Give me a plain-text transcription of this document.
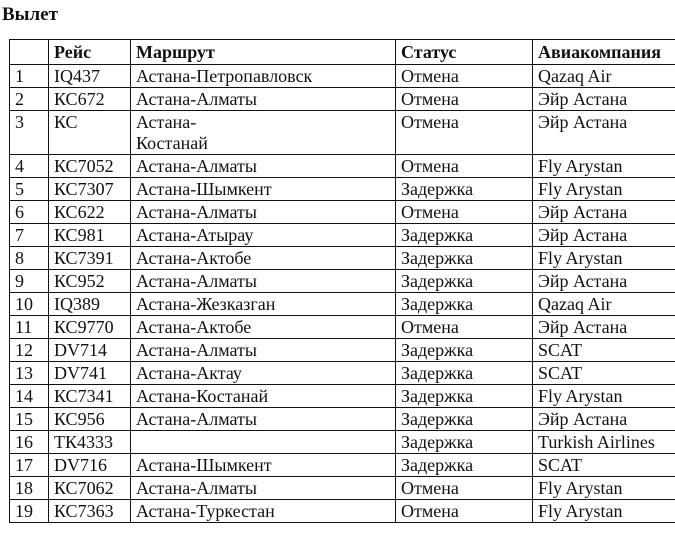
Вылет
	Рейс	Маршрут	Статус	Авиакомпания
1	IQ437	Астана-Петропавловск	Отмена	Qazaq Air
2	КС672	Астана-Алматы	Отмена	Эйр Астана
3	КС	Астана-Костанай	Отмена	Эйр Астана
4	КС7052	Астана-Алматы	Отмена	Fly Arystan
5	КС7307	Астана-Шымкент	Задержка	Fly Arystan
6	КС622	Астана-Алматы	Отмена	Эйр Астана
7	КС981	Астана-Атырау	Задержка	Эйр Астана
8	КС7391	Астана-Актобе	Задержка	Fly Arystan
9	КС952	Астана-Алматы	Задержка	Эйр Астана
10	IQ389	Астана-Жезказган	Задержка	Qazaq Air
11	КС9770	Астана-Актобе	Отмена	Эйр Астана
12	DV714	Астана-Алматы	Задержка	SCAT
13	DV741	Астана-Актау	Задержка	SCAT
14	КС7341	Астана-Костанай	Задержка	Fly Arystan
15	КС956	Астана-Алматы	Задержка	Эйр Астана
16	ТК4333		Задержка	Turkish Airlines
17	DV716	Астана-Шымкент	Задержка	SCAT
18	КС7062	Астана-Алматы	Отмена	Fly Arystan
19	КС7363	Астана-Туркестан	Отмена	Fly Arystan
